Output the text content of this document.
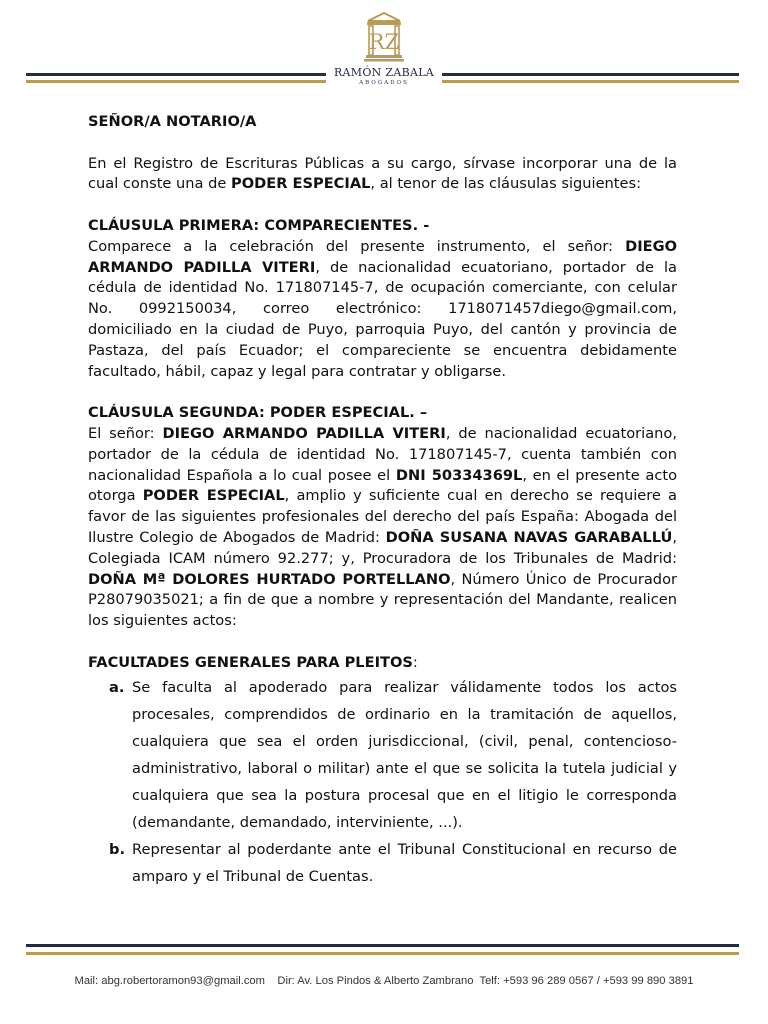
RZ
RAMÓN ZABALA
ABOGADOS

SEÑOR/A NOTARIO/A

En el Registro de Escrituras Públicas a su cargo, sírvase incorporar una de la cual conste una de PODER ESPECIAL, al tenor de las cláusulas siguientes:

CLÁUSULA PRIMERA: COMPARECIENTES. -

Comparece a la celebración del presente instrumento, el señor: DIEGO ARMANDO PADILLA VITERI, de nacionalidad ecuatoriano, portador de la cédula de identidad No. 171807145-7, de ocupación comerciante, con celular No. 0992150034, correo electrónico: 1718071457diego@gmail.com, domiciliado en la ciudad de Puyo, parroquia Puyo, del cantón y provincia de Pastaza, del país Ecuador; el compareciente se encuentra debidamente facultado, hábil, capaz y legal para contratar y obligarse.

CLÁUSULA SEGUNDA: PODER ESPECIAL. –

El señor: DIEGO ARMANDO PADILLA VITERI, de nacionalidad ecuatoriano, portador de la cédula de identidad No. 171807145-7, cuenta también con nacionalidad Española a lo cual posee el DNI 50334369L, en el presente acto otorga PODER ESPECIAL, amplio y suficiente cual en derecho se requiere a favor de las siguientes profesionales del derecho del país España: Abogada del Ilustre Colegio de Abogados de Madrid: DOÑA SUSANA NAVAS GARABALLÚ, Colegiada ICAM número 92.277; y, Procuradora de los Tribunales de Madrid: DOÑA Mª DOLORES HURTADO PORTELLANO, Número Único de Procurador P28079035021; a fin de que a nombre y representación del Mandante, realicen los siguientes actos:

FACULTADES GENERALES PARA PLEITOS:

a. Se faculta al apoderado para realizar válidamente todos los actos procesales, comprendidos de ordinario en la tramitación de aquellos, cualquiera que sea el orden jurisdiccional, (civil, penal, contencioso-administrativo, laboral o militar) ante el que se solicita la tutela judicial y cualquiera que sea la postura procesal que en el litigio le corresponda (demandante, demandado, interviniente, ...).
b. Representar al poderdante ante el Tribunal Constitucional en recurso de amparo y el Tribunal de Cuentas.
Mail: abg.robertoramon93@gmail.com    Dir: Av. Los Pindos & Alberto Zambrano  Telf: +593 96 289 0567 / +593 99 890 3891
